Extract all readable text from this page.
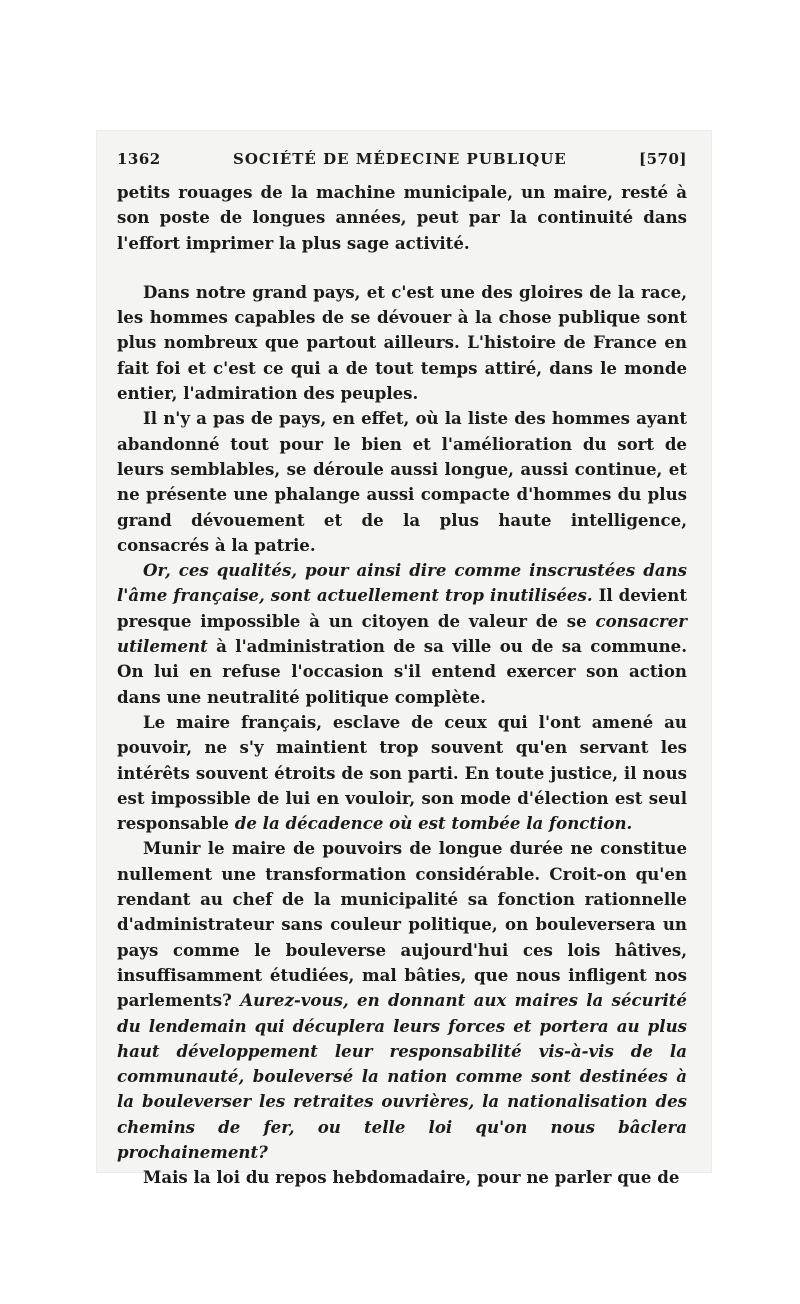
1362	SOCIÉTÉ DE MÉDECINE PUBLIQUE	[570]

petits rouages de la machine municipale, un maire, resté à son poste de longues années, peut par la continuité dans l'effort imprimer la plus sage activité.

Dans notre grand pays, et c'est une des gloires de la race, les hommes capables de se dévouer à la chose publique sont plus nombreux que partout ailleurs. L'histoire de France en fait foi et c'est ce qui a de tout temps attiré, dans le monde entier, l'admiration des peuples.

Il n'y a pas de pays, en effet, où la liste des hommes ayant abandonné tout pour le bien et l'amélioration du sort de leurs semblables, se déroule aussi longue, aussi continue, et ne présente une phalange aussi compacte d'hommes du plus grand dévouement et de la plus haute intelligence, consacrés à la patrie.

Or, ces qualités, pour ainsi dire comme inscrustées dans l'âme française, sont actuellement trop inutilisées. Il devient presque impossible à un citoyen de valeur de se consacrer utilement à l'administration de sa ville ou de sa commune. On lui en refuse l'occasion s'il entend exercer son action dans une neutralité politique complète.

Le maire français, esclave de ceux qui l'ont amené au pouvoir, ne s'y maintient trop souvent qu'en servant les intérêts souvent étroits de son parti. En toute justice, il nous est impossible de lui en vouloir, son mode d'élection est seul responsable de la décadence où est tombée la fonction.

Munir le maire de pouvoirs de longue durée ne constitue nullement une transformation considérable. Croit-on qu'en rendant au chef de la municipalité sa fonction rationnelle d'administrateur sans couleur politique, on bouleversera un pays comme le bouleverse aujourd'hui ces lois hâtives, insuffisamment étudiées, mal bâties, que nous infligent nos parlements? Aurez-vous, en donnant aux maires la sécurité du lendemain qui décuplera leurs forces et portera au plus haut développement leur responsabilité vis-à-vis de la communauté, bouleversé la nation comme sont destinées à la bouleverser les retraites ouvrières, la nationalisation des chemins de fer, ou telle loi qu'on nous bâclera prochainement?

Mais la loi du repos hebdomadaire, pour ne parler que de
